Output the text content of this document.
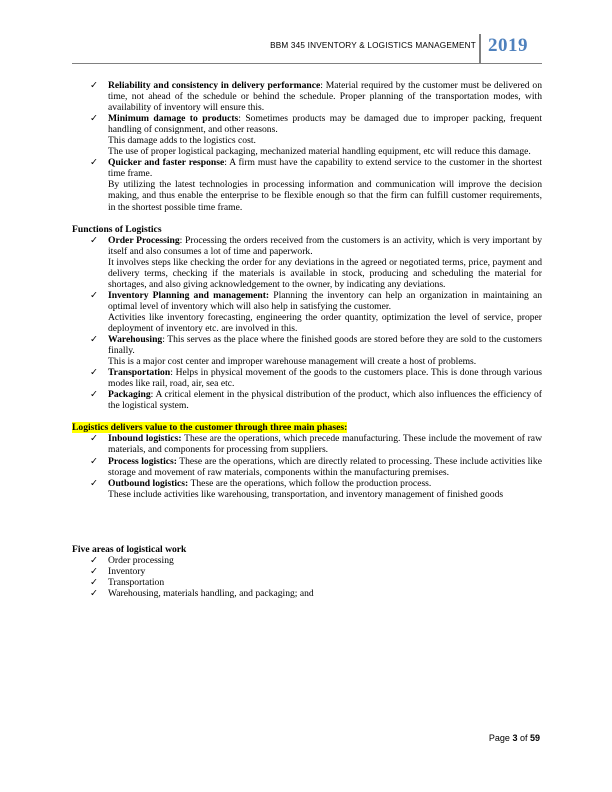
BBM 345 INVENTORY & LOGISTICS MANAGEMENT 2019
✓ Reliability and consistency in delivery performance: Material required by the customer must be delivered on time, not ahead of the schedule or behind the schedule. Proper planning of the transportation modes, with availability of inventory will ensure this.

✓ Minimum damage to products: Sometimes products may be damaged due to improper packing, frequent handling of consignment, and other reasons.

This damage adds to the logistics cost.

The use of proper logistical packaging, mechanized material handling equipment, etc will reduce this damage.

✓ Quicker and faster response: A firm must have the capability to extend service to the customer in the shortest time frame.

By utilizing the latest technologies in processing information and communication will improve the decision making, and thus enable the enterprise to be flexible enough so that the firm can fulfill customer requirements, in the shortest possible time frame.

Functions of Logistics

✓ Order Processing: Processing the orders received from the customers is an activity, which is very important by itself and also consumes a lot of time and paperwork.

It involves steps like checking the order for any deviations in the agreed or negotiated terms, price, payment and delivery terms, checking if the materials is available in stock, producing and scheduling the material for shortages, and also giving acknowledgement to the owner, by indicating any deviations.

✓ Inventory Planning and management: Planning the inventory can help an organization in maintaining an optimal level of inventory which will also help in satisfying the customer.

Activities like inventory forecasting, engineering the order quantity, optimization the level of service, proper deployment of inventory etc. are involved in this.

✓ Warehousing: This serves as the place where the finished goods are stored before they are sold to the customers finally.

This is a major cost center and improper warehouse management will create a host of problems.

✓ Transportation: Helps in physical movement of the goods to the customers place. This is done through various modes like rail, road, air, sea etc.

✓ Packaging: A critical element in the physical distribution of the product, which also influences the efficiency of the logistical system.

Logistics delivers value to the customer through three main phases:

✓ Inbound logistics: These are the operations, which precede manufacturing. These include the movement of raw materials, and components for processing from suppliers.

✓ Process logistics: These are the operations, which are directly related to processing. These include activities like storage and movement of raw materials, components within the manufacturing premises.

✓ Outbound logistics: These are the operations, which follow the production process.

These include activities like warehousing, transportation, and inventory management of finished goods

Five areas of logistical work

✓ Order processing
✓ Inventory
✓ Transportation
✓ Warehousing, materials handling, and packaging; and
Page 3 of 59
